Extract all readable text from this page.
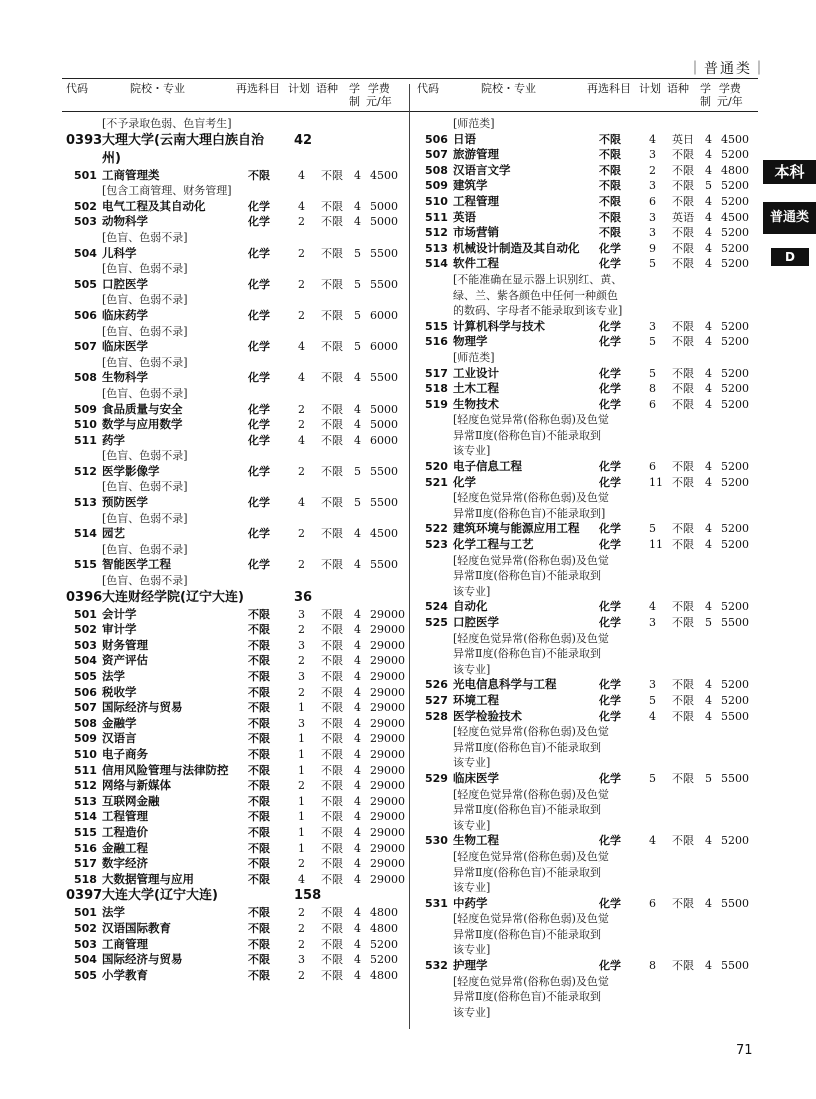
｜普通类｜
代码	院校・专业	再选科目 计划 语种 学
制
学费
元/年
代码	院校・专业	再选科目 计划 语种 学
制
学费
元/年
[不予录取色弱、色盲考生]
0393 大理大学(云南大理白族自治 42
州)
501 工商管理类	不限	4 不限 4 4500
[包含工商管理、财务管理]
502 电气工程及其自动化	化学	4 不限 4 5000
503 动物科学	化学	2 不限 4 5000
[色盲、色弱不录]
504 儿科学	化学	2 不限 5 5500
[色盲、色弱不录]
505 口腔医学	化学	2 不限 5 5500
[色盲、色弱不录]
506 临床药学	化学	2 不限 5 6000
[色盲、色弱不录]
507 临床医学	化学	4 不限 5 6000
[色盲、色弱不录]
508 生物科学	化学	4 不限 4 5500
[色盲、色弱不录]
509 食品质量与安全	化学	2 不限 4 5000
510 数学与应用数学	化学	2 不限 4 5000
511 药学	化学	4 不限 4 6000
[色盲、色弱不录]
512 医学影像学	化学	2 不限 5 5500
[色盲、色弱不录]
513 预防医学	化学	4 不限 5 5500
[色盲、色弱不录]
514 园艺	化学	2 不限 4 4500
[色盲、色弱不录]
515 智能医学工程	化学	2 不限 4 5500
[色盲、色弱不录]
0396 大连财经学院(辽宁大连)	36
501 会计学	不限	3 不限 4 29000
502 审计学	不限	2 不限 4 29000
503 财务管理	不限	3 不限 4 29000
504 资产评估	不限	2 不限 4 29000
505 法学	不限	3 不限 4 29000
506 税收学	不限	2 不限 4 29000
507 国际经济与贸易	不限	1 不限 4 29000
508 金融学	不限	3 不限 4 29000
509 汉语言	不限	1 不限 4 29000
510 电子商务	不限	1 不限 4 29000
511 信用风险管理与法律防控 不限	1 不限 4 29000
512 网络与新媒体	不限	2 不限 4 29000
513 互联网金融	不限	1 不限 4 29000
514 工程管理	不限	1 不限 4 29000
515 工程造价	不限	1 不限 4 29000
516 金融工程	不限	1 不限 4 29000
517 数字经济	不限	2 不限 4 29000
518 大数据管理与应用	不限	4 不限 4 29000
0397 大连大学(辽宁大连)	158
501 法学	不限	2 不限 4 4800
502 汉语国际教育	不限	2 不限 4 4800
503 工商管理	不限	2 不限 4 5200
504 国际经济与贸易	不限	3 不限 4 5200
505 小学教育	不限	2 不限 4 4800
[师范类]
506 日语	不限	4 英日 4 4500
507 旅游管理	不限	3 不限 4 5200
508 汉语言文学	不限	2 不限 4 4800
509 建筑学	不限	3 不限 5 5200
510 工程管理	不限	6 不限 4 5200
511 英语	不限	3 英语 4 4500
512 市场营销	不限	3 不限 4 5200
513 机械设计制造及其自动化 化学	9 不限 4 5200
514 软件工程	化学	5 不限 4 5200
[不能准确在显示器上识别红、黄、
绿、兰、紫各颜色中任何一种颜色
的数码、字母者不能录取到该专业]
515 计算机科学与技术	化学	3 不限 4 5200
516 物理学	化学	5 不限 4 5200
[师范类]
517 工业设计	化学	5 不限 4 5200
518 土木工程	化学	8 不限 4 5200
519 生物技术	化学	6 不限 4 5200
[轻度色觉异常(俗称色弱)及色觉
异常Ⅱ度(俗称色盲)不能录取到
该专业]
520 电子信息工程	化学	6 不限 4 5200
521 化学	化学	11 不限 4 5200
[轻度色觉异常(俗称色弱)及色觉
异常Ⅱ度(俗称色盲)不能录取到]
522 建筑环境与能源应用工程 化学	5 不限 4 5200
523 化学工程与工艺	化学	11 不限 4 5200
[轻度色觉异常(俗称色弱)及色觉
异常Ⅱ度(俗称色盲)不能录取到
该专业]
524 自动化	化学	4 不限 4 5200
525 口腔医学	化学	3 不限 5 5500
[轻度色觉异常(俗称色弱)及色觉
异常Ⅱ度(俗称色盲)不能录取到
该专业]
526 光电信息科学与工程	化学	3 不限 4 5200
527 环境工程	化学	5 不限 4 5200
528 医学检验技术	化学	4 不限 4 5500
[轻度色觉异常(俗称色弱)及色觉
异常Ⅱ度(俗称色盲)不能录取到
该专业]
529 临床医学	化学	5 不限 5 5500
[轻度色觉异常(俗称色弱)及色觉
异常Ⅱ度(俗称色盲)不能录取到
该专业]
530 生物工程	化学	4 不限 4 5200
[轻度色觉异常(俗称色弱)及色觉
异常Ⅱ度(俗称色盲)不能录取到
该专业]
531 中药学	化学	6 不限 4 5500
[轻度色觉异常(俗称色弱)及色觉
异常Ⅱ度(俗称色盲)不能录取到
该专业]
532 护理学	化学	8 不限 4 5500
[轻度色觉异常(俗称色弱)及色觉
异常Ⅱ度(俗称色盲)不能录取到
该专业]
本科
普通类
D
71
